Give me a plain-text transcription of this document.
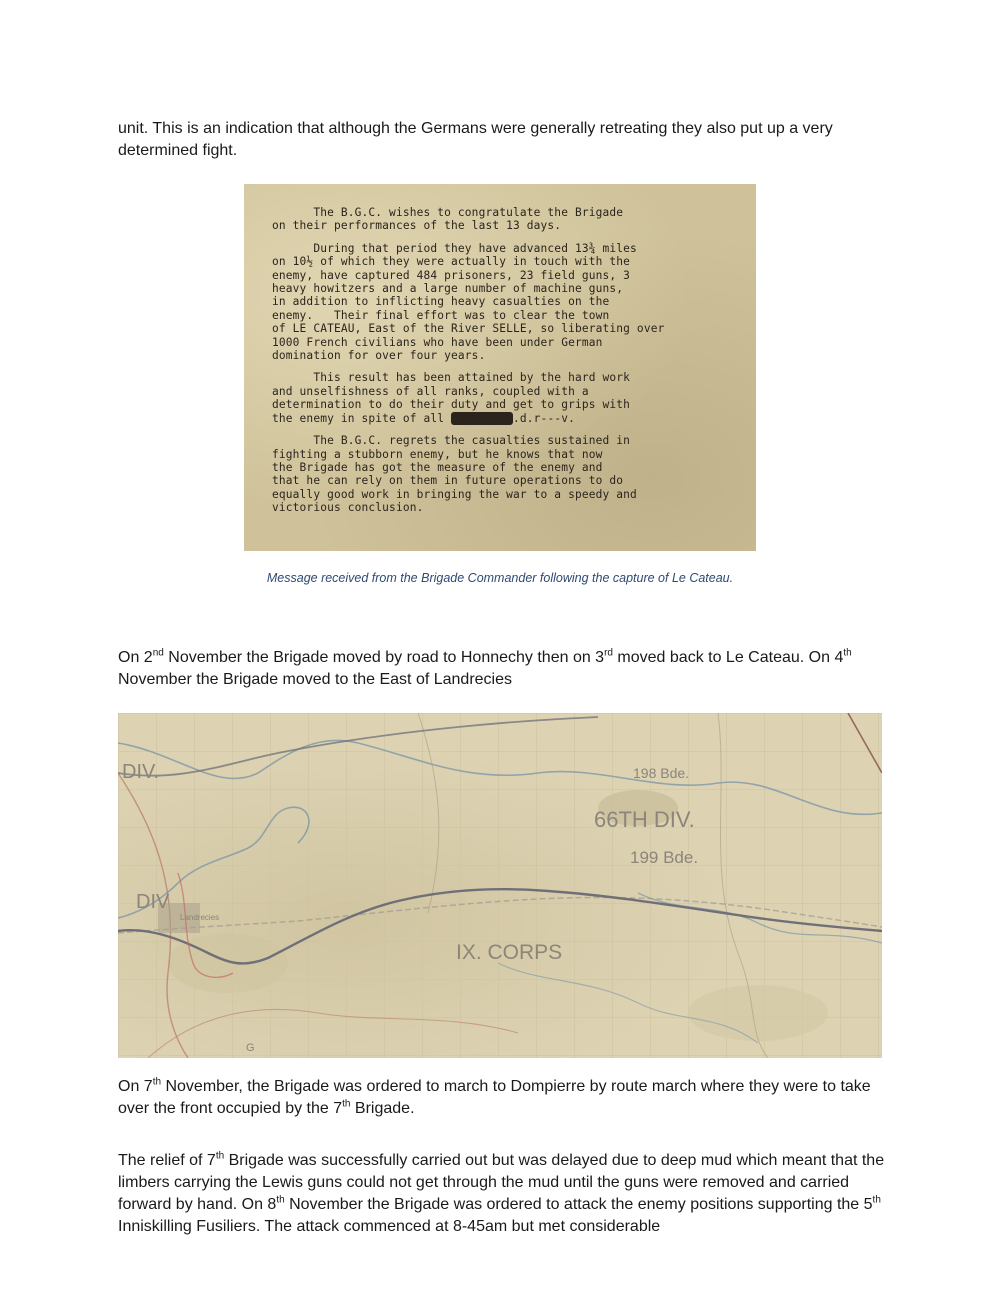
unit. This is an indication that although the Germans were generally retreating they also put up a very determined fight.

The B.G.C. wishes to congratulate the Brigade
on their performances of the last 13 days.

During that period they have advanced 13¾ miles
on 10½ of which they were actually in touch with the
enemy, have captured 484 prisoners, 23 field guns, 3
heavy howitzers and a large number of machine guns,
in addition to inflicting heavy casualties on the
enemy.   Their final effort was to clear the town
of LE CATEAU, East of the River SELLE, so liberating over
1000 French civilians who have been under German
domination for over four years.

This result has been attained by the hard work
and unselfishness of all ranks, coupled with a
determination to do their duty and get to grips with
the enemy in spite of all	.d.r---v.

The B.G.C. regrets the casualties sustained in
fighting a stubborn enemy, but he knows that now
the Brigade has got the measure of the enemy and
that he can rely on them in future operations to do
equally good work in bringing the war to a speedy and
victorious conclusion.

Message received from the Brigade Commander following the capture of Le Cateau.

On 2nd November the Brigade moved by road to Honnechy then on 3rd moved back to Le Cateau. On 4th
November the Brigade moved to the East of Landrecies

DIV.	198 Bde.
66TH DIV.
199 Bde.
DIV
IX. CORPS
Landrecies
G

On 7th November, the Brigade was ordered to march to Dompierre by route march where they were to take over the front occupied by the 7th Brigade.

The relief of 7th Brigade was successfully carried out but was delayed due to deep mud which meant that the limbers carrying the Lewis guns could not get through the mud until the guns were removed and carried forward by hand. On 8th November the Brigade was ordered to attack the enemy positions supporting the 5th Inniskilling Fusiliers. The attack commenced at 8-45am but met considerable
